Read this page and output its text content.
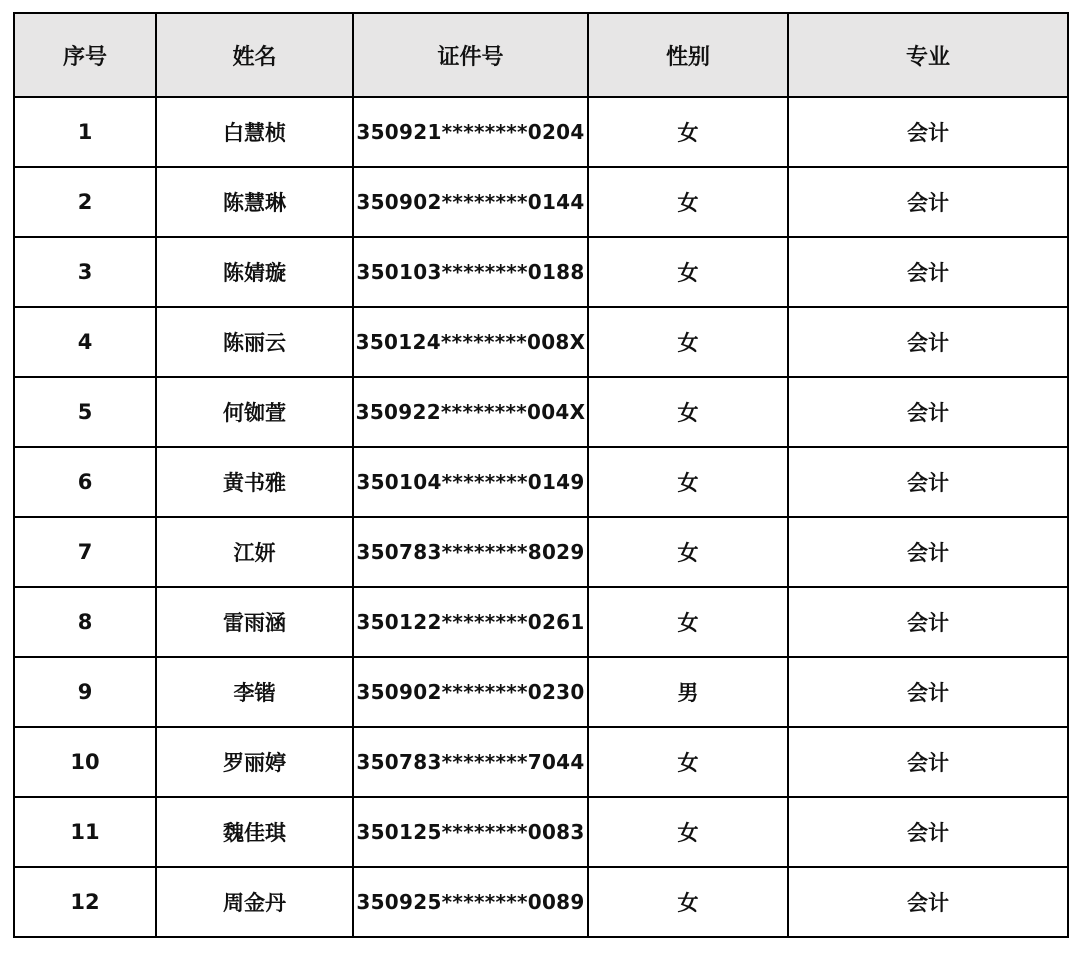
序号	姓名	证件号	性别	专业
1	白慧桢	350921********0204	女	会计
2	陈慧琳	350902********0144	女	会计
3	陈婧璇	350103********0188	女	会计
4	陈丽云	350124********008X	女	会计
5	何铷萱	350922********004X	女	会计
6	黄书雅	350104********0149	女	会计
7	江妍	350783********8029	女	会计
8	雷雨涵	350122********0261	女	会计
9	李锴	350902********0230	男	会计
10	罗丽婷	350783********7044	女	会计
11	魏佳琪	350125********0083	女	会计
12	周金丹	350925********0089	女	会计
